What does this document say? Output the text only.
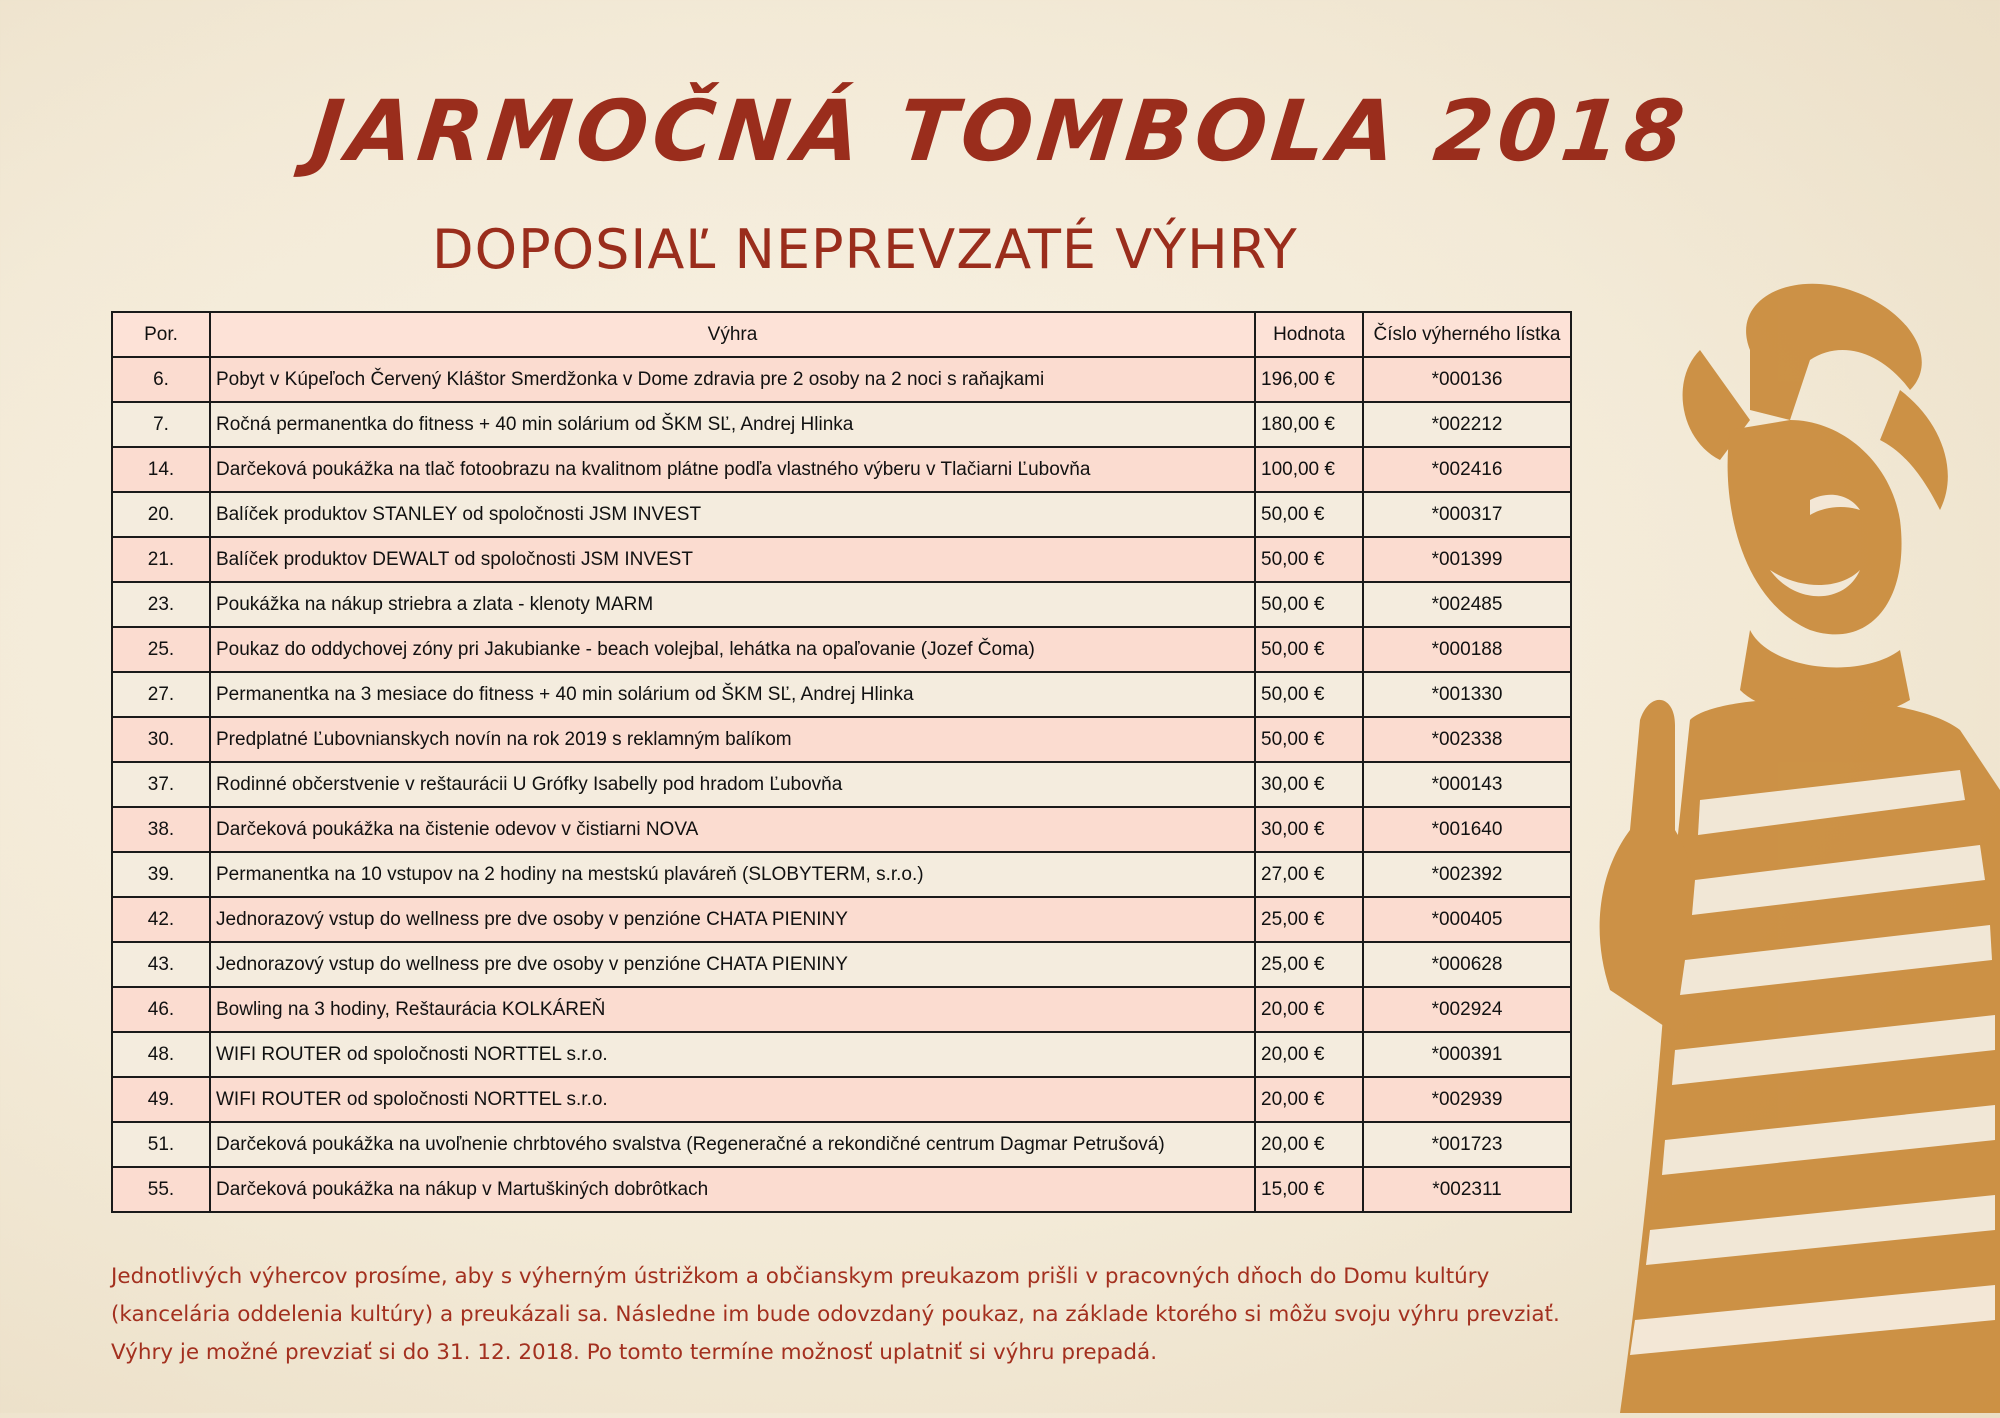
JARMOČNÁ TOMBOLA 2018
DOPOSIAĽ NEPREVZATÉ VÝHRY
Por.	Výhra	Hodnota	Číslo výherného lístka
6.	Pobyt v Kúpeľoch Červený Kláštor Smerdžonka v Dome zdravia pre 2 osoby na 2 noci s raňajkami	196,00 €	*000136
7.	Ročná permanentka do fitness + 40 min solárium od ŠKM SĽ, Andrej Hlinka	180,00 €	*002212
14.	Darčeková poukážka na tlač fotoobrazu na kvalitnom plátne podľa vlastného výberu v Tlačiarni Ľubovňa	100,00 €	*002416
20.	Balíček produktov STANLEY od spoločnosti JSM INVEST	50,00 €	*000317
21.	Balíček produktov DEWALT od spoločnosti JSM INVEST	50,00 €	*001399
23.	Poukážka na nákup striebra a zlata - klenoty MARM	50,00 €	*002485
25.	Poukaz do oddychovej zóny pri Jakubianke - beach volejbal, lehátka na opaľovanie (Jozef Čoma)	50,00 €	*000188
27.	Permanentka na 3 mesiace do fitness + 40 min solárium od ŠKM SĽ, Andrej Hlinka	50,00 €	*001330
30.	Predplatné Ľubovnianskych novín na rok 2019 s reklamným balíkom	50,00 €	*002338
37.	Rodinné občerstvenie v reštaurácii U Grófky Isabelly pod hradom Ľubovňa	30,00 €	*000143
38.	Darčeková poukážka na čistenie odevov v čistiarni NOVA	30,00 €	*001640
39.	Permanentka na 10 vstupov na 2 hodiny na mestskú plaváreň (SLOBYTERM, s.r.o.)	27,00 €	*002392
42.	Jednorazový vstup do wellness pre dve osoby v penzióne CHATA PIENINY	25,00 €	*000405
43.	Jednorazový vstup do wellness pre dve osoby v penzióne CHATA PIENINY	25,00 €	*000628
46.	Bowling na 3 hodiny, Reštaurácia KOLKÁREŇ	20,00 €	*002924
48.	WIFI ROUTER od spoločnosti NORTTEL s.r.o.	20,00 €	*000391
49.	WIFI ROUTER od spoločnosti NORTTEL s.r.o.	20,00 €	*002939
51.	Darčeková poukážka na uvoľnenie chrbtového svalstva (Regeneračné a rekondičné centrum Dagmar Petrušová)	20,00 €	*001723
55.	Darčeková poukážka na nákup v Martuškiných dobrôtkach	15,00 €	*002311

Jednotlivých výhercov prosíme, aby s výherným ústrižkom a občianskym preukazom prišli v pracovných dňoch do Domu kultúry

(kancelária oddelenia kultúry) a preukázali sa. Následne im bude odovzdaný poukaz, na základe ktorého si môžu svoju výhru prevziať.

Výhry je možné prevziať si do 31. 12. 2018. Po tomto termíne možnosť uplatniť si výhru prepadá.
